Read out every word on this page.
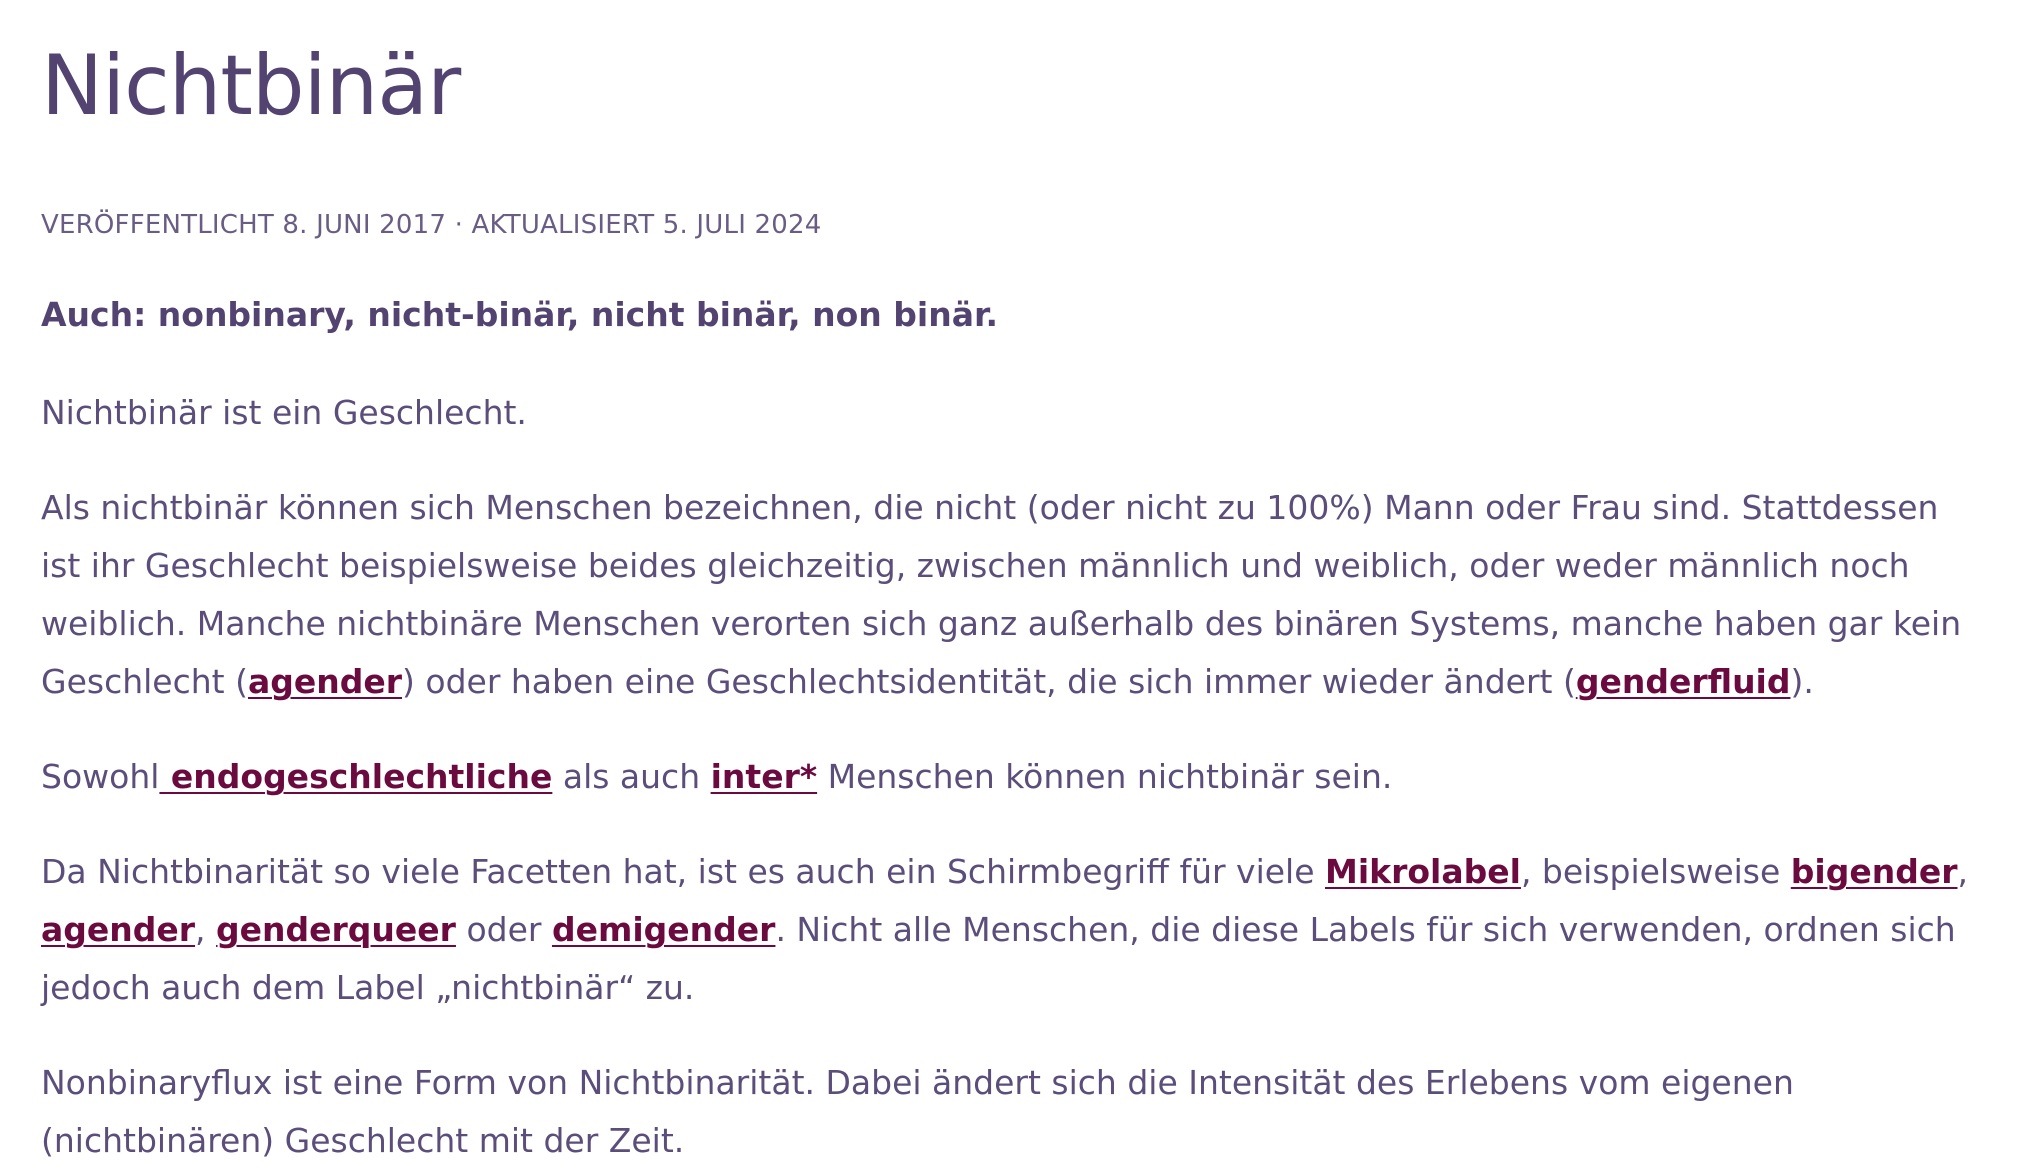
Nichtbinär
VERÖFFENTLICHT 8. JUNI 2017 · AKTUALISIERT 5. JULI 2024
Auch: nonbinary, nicht-binär, nicht binär, non binär.

Nichtbinär ist ein Geschlecht.

Als nichtbinär können sich Menschen bezeichnen, die nicht (oder nicht zu 100%) Mann oder Frau sind. Stattdessen ist ihr Geschlecht beispielsweise beides gleichzeitig, zwischen männlich und weiblich, oder weder männlich noch weiblich. Manche nichtbinäre Menschen verorten sich ganz außerhalb des binären Systems, manche haben gar kein Geschlecht (agender) oder haben eine Geschlechtsidentität, die sich immer wieder ändert (genderfluid).

Sowohl endogeschlechtliche als auch inter* Menschen können nichtbinär sein.

Da Nichtbinarität so viele Facetten hat, ist es auch ein Schirmbegriff für viele Mikrolabel, beispielsweise bigender, agender, genderqueer oder demigender. Nicht alle Menschen, die diese Labels für sich verwenden, ordnen sich jedoch auch dem Label „nichtbinär“ zu.

Nonbinaryflux ist eine Form von Nichtbinarität. Dabei ändert sich die Intensität des Erlebens vom eigenen (nichtbinären) Geschlecht mit der Zeit.
